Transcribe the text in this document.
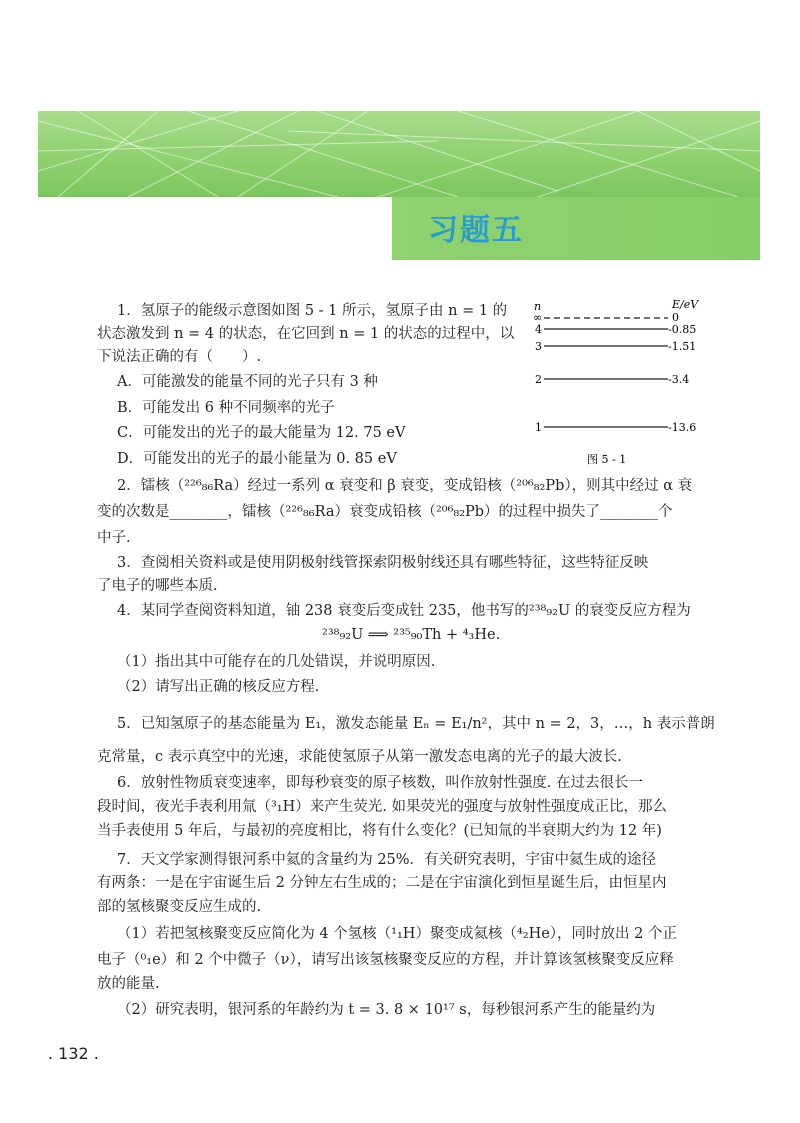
习题五
n	E/eV
∞	0
4	-0.85
3	-1.51
2	-3.4
1	-13.6
图 5 - 1
1．氢原子的能级示意图如图 5 - 1 所示，氢原子由 n = 1 的
状态激发到 n = 4 的状态，在它回到 n = 1 的状态的过程中，以
下说法正确的有（　　）.
A．可能激发的能量不同的光子只有 3 种
B．可能发出 6 种不同频率的光子
C．可能发出的光子的最大能量为 12. 75 eV
D．可能发出的光子的最小能量为 0. 85 eV
2．镭核（²²⁶₈₆Ra）经过一系列 α 衰变和 β 衰变，变成铅核（²⁰⁶₈₂Pb），则其中经过 α 衰
变的次数是________，镭核（²²⁶₈₆Ra）衰变成铅核（²⁰⁶₈₂Pb）的过程中损失了________个
中子.
3．查阅相关资料或是使用阴极射线管探索阴极射线还具有哪些特征，这些特征反映
了电子的哪些本质.
4．某同学查阅资料知道，铀 238 衰变后变成钍 235，他书写的²³⁸₉₂U 的衰变反应方程为
²³⁸₉₂U ⟹ ²³⁵₉₀Th + ⁴₃He.
（1）指出其中可能存在的几处错误，并说明原因.
（2）请写出正确的核反应方程.
5．已知氢原子的基态能量为 E₁，激发态能量 Eₙ = E₁/n²，其中 n = 2，3，…，h 表示普朗
克常量，c 表示真空中的光速，求能使氢原子从第一激发态电离的光子的最大波长.
6．放射性物质衰变速率，即每秒衰变的原子核数，叫作放射性强度. 在过去很长一
段时间，夜光手表利用氚（³₁H）来产生荧光. 如果荧光的强度与放射性强度成正比，那么
当手表使用 5 年后，与最初的亮度相比，将有什么变化？(已知氚的半衰期大约为 12 年)
7．天文学家测得银河系中氦的含量约为 25%．有关研究表明，宇宙中氦生成的途径
有两条：一是在宇宙诞生后 2 分钟左右生成的；二是在宇宙演化到恒星诞生后，由恒星内
部的氢核聚变反应生成的.
（1）若把氢核聚变反应简化为 4 个氢核（¹₁H）聚变成氦核（⁴₂He），同时放出 2 个正
电子（⁰₁e）和 2 个中微子（ν），请写出该氢核聚变反应的方程，并计算该氢核聚变反应释
放的能量.
（2）研究表明，银河系的年龄约为 t = 3. 8 × 10¹⁷ s，每秒银河系产生的能量约为
. 132 .
